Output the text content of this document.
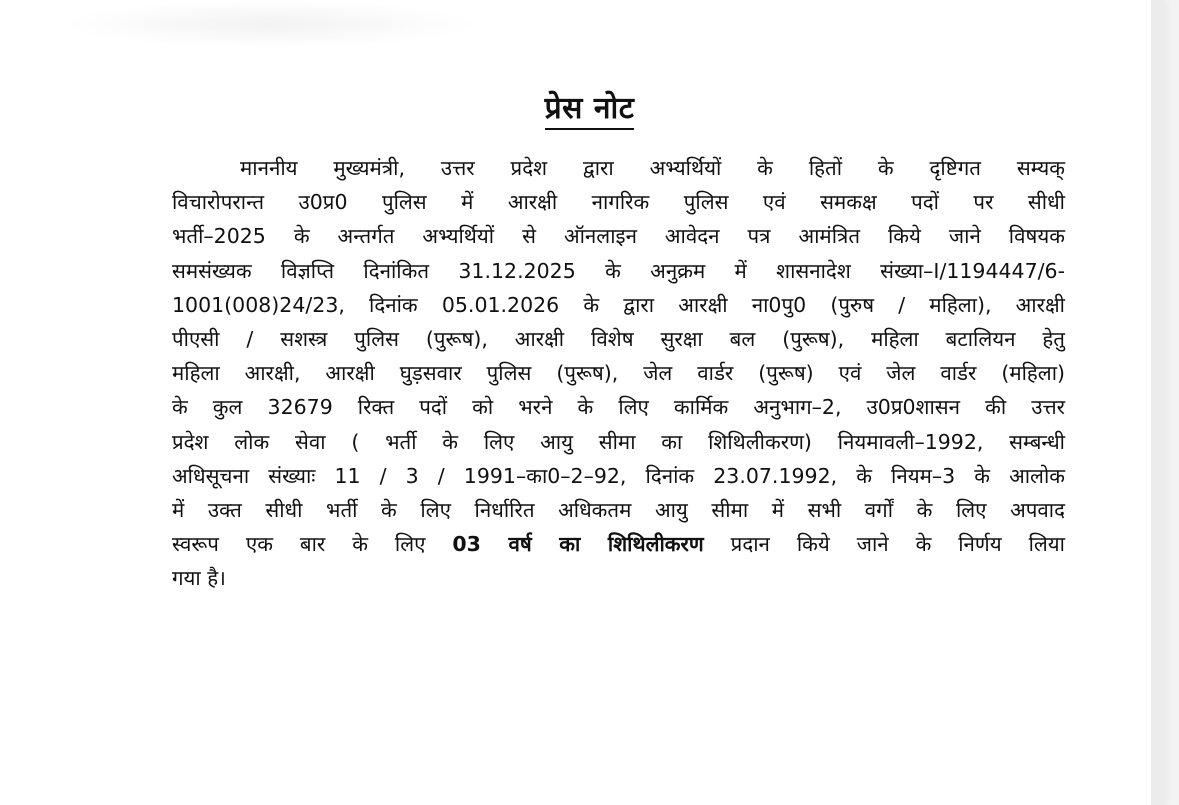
प्रेस नोट
माननीय मुख्यमंत्री, उत्तर प्रदेश द्वारा अभ्यर्थियों के हितों के दृष्टिगत सम्यक्
विचारोपरान्त उ0प्र0 पुलिस में आरक्षी नागरिक पुलिस एवं समकक्ष पदों पर सीधी
भर्ती–2025 के अन्तर्गत अभ्यर्थियों से ऑनलाइन आवेदन पत्र आमंत्रित किये जाने विषयक
समसंख्यक विज्ञप्ति दिनांकित 31.12.2025 के अनुक्रम में शासनादेश संख्या–I/1194447/6-
1001(008)24/23, दिनांक 05.01.2026 के द्वारा आरक्षी ना0पु0 (पुरुष / महिला), आरक्षी
पीएसी / सशस्त्र पुलिस (पुरूष), आरक्षी विशेष सुरक्षा बल (पुरूष), महिला बटालियन हेतु
महिला आरक्षी, आरक्षी घुड़सवार पुलिस (पुरूष), जेल वार्डर (पुरूष) एवं जेल वार्डर (महिला)
के कुल 32679 रिक्त पदों को भरने के लिए कार्मिक अनुभाग–2, उ0प्र0शासन की उत्तर
प्रदेश लोक सेवा ( भर्ती के लिए आयु सीमा का शिथिलीकरण) नियमावली–1992, सम्बन्धी
अधिसूचना संख्याः 11 / 3 / 1991–का0–2–92, दिनांक 23.07.1992, के नियम–3 के आलोक
में उक्त सीधी भर्ती के लिए निर्धारित अधिकतम आयु सीमा में सभी वर्गों के लिए अपवाद
स्वरूप एक बार के लिए 03 वर्ष का शिथिलीकरण प्रदान किये जाने के निर्णय लिया
गया है।
